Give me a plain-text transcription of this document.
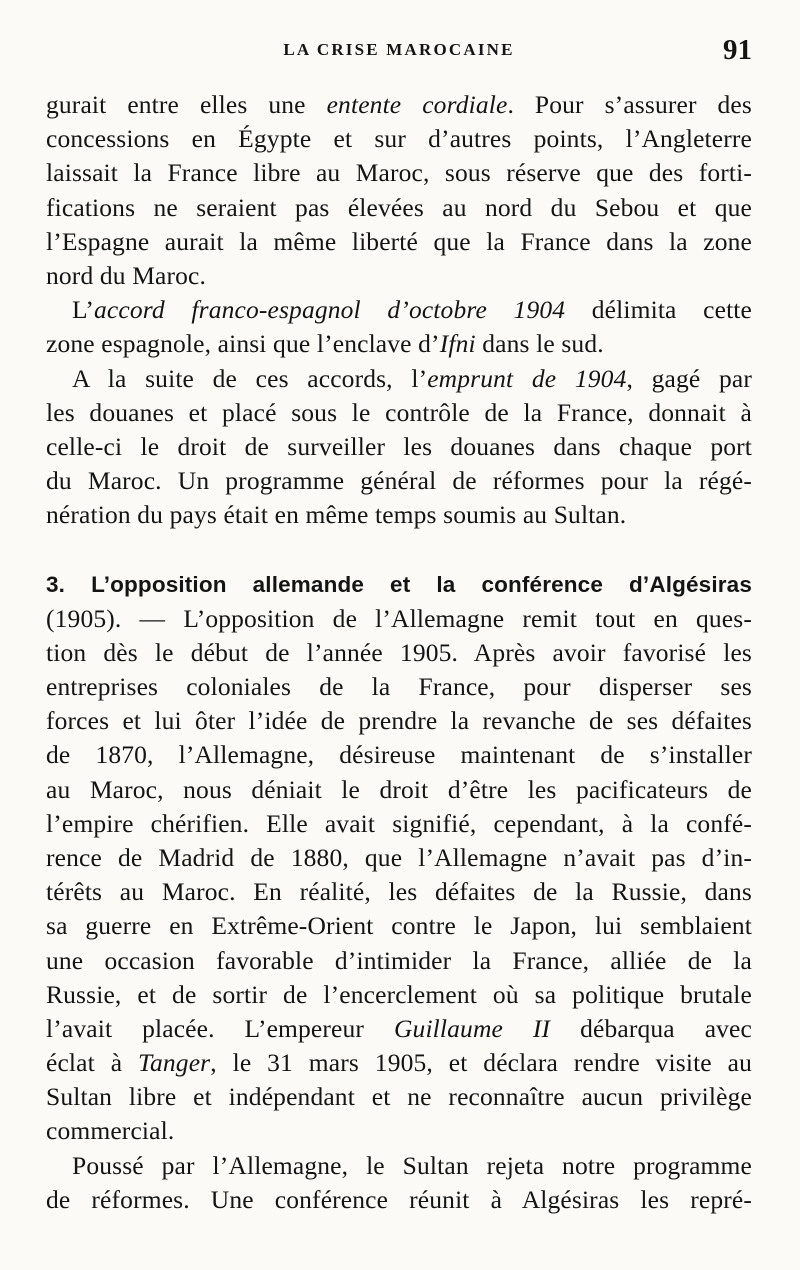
LA CRISE MAROCAINE	91
gurait entre elles une entente cordiale. Pour s’assurer des
concessions en Égypte et sur d’autres points, l’Angleterre
laissait la France libre au Maroc, sous réserve que des forti-
fications ne seraient pas élevées au nord du Sebou et que
l’Espagne aurait la même liberté que la France dans la zone
nord du Maroc.
L’accord franco-espagnol d’octobre 1904 délimita cette
zone espagnole, ainsi que l’enclave d’Ifni dans le sud.
A la suite de ces accords, l’emprunt de 1904, gagé par
les douanes et placé sous le contrôle de la France, donnait à
celle-ci le droit de surveiller les douanes dans chaque port
du Maroc. Un programme général de réformes pour la régé-
nération du pays était en même temps soumis au Sultan.
3. L’opposition allemande et la conférence d’Algésiras
(1905). — L’opposition de l’Allemagne remit tout en ques-
tion dès le début de l’année 1905. Après avoir favorisé les
entreprises coloniales de la France, pour disperser ses
forces et lui ôter l’idée de prendre la revanche de ses défaites
de 1870, l’Allemagne, désireuse maintenant de s’installer
au Maroc, nous déniait le droit d’être les pacificateurs de
l’empire chérifien. Elle avait signifié, cependant, à la confé-
rence de Madrid de 1880, que l’Allemagne n’avait pas d’in-
térêts au Maroc. En réalité, les défaites de la Russie, dans
sa guerre en Extrême-Orient contre le Japon, lui semblaient
une occasion favorable d’intimider la France, alliée de la
Russie, et de sortir de l’encerclement où sa politique brutale
l’avait placée. L’empereur Guillaume II débarqua avec
éclat à Tanger, le 31 mars 1905, et déclara rendre visite au
Sultan libre et indépendant et ne reconnaître aucun privilège
commercial.
Poussé par l’Allemagne, le Sultan rejeta notre programme
de réformes. Une conférence réunit à Algésiras les repré-
